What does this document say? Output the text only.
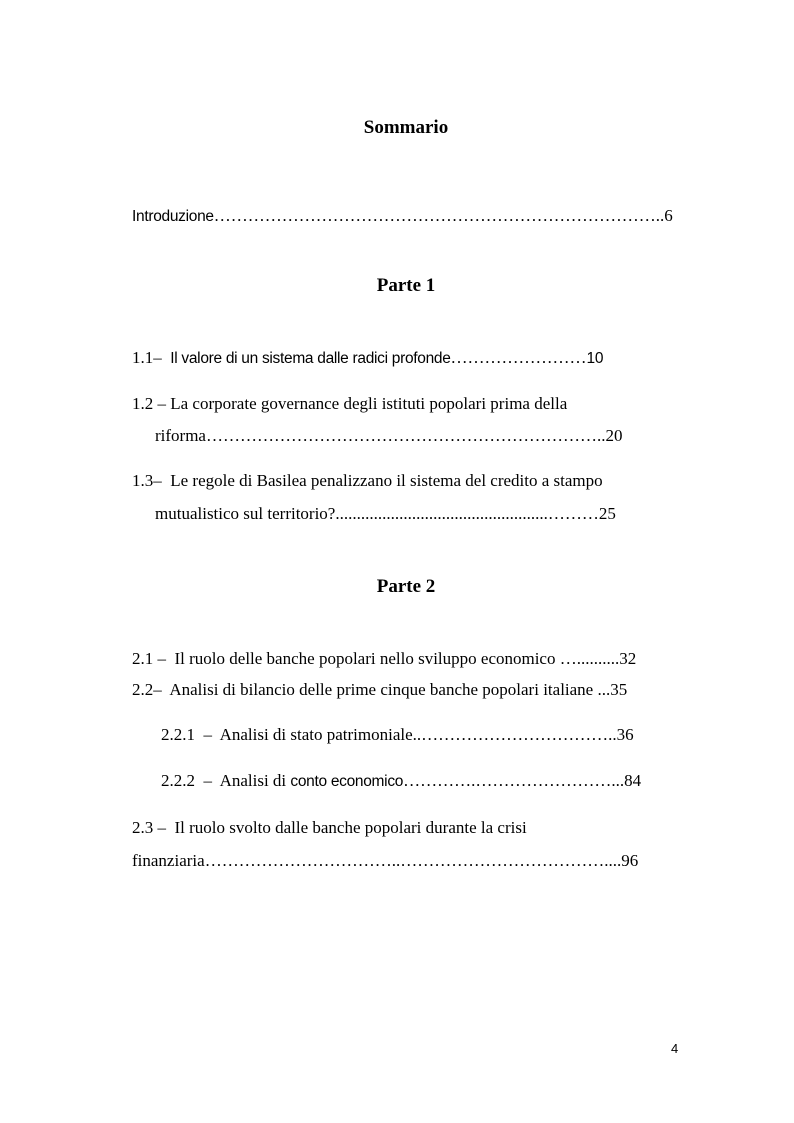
Sommario

Introduzione……………………………………………………………………..6

Parte 1

1.1– Il valore di un sistema dalle radici profonde……………………10

1.2 – La corporate governance degli istituti popolari prima della

riforma……………………………………………………………..20

1.3– Le regole di Basilea penalizzano il sistema del credito a stampo

mutualistico sul territorio?..................................................………25

Parte 2

2.1 – Il ruolo delle banche popolari nello sviluppo economico …..........32

2.2– Analisi di bilancio delle prime cinque banche popolari italiane ...35

2.2.1 – Analisi di stato patrimoniale..……………………………..36

2.2.2 – Analisi di conto economico………….……………………...84

2.3 – Il ruolo svolto dalle banche popolari durante la crisi

finanziaria……………………………..………………………………....96

4
